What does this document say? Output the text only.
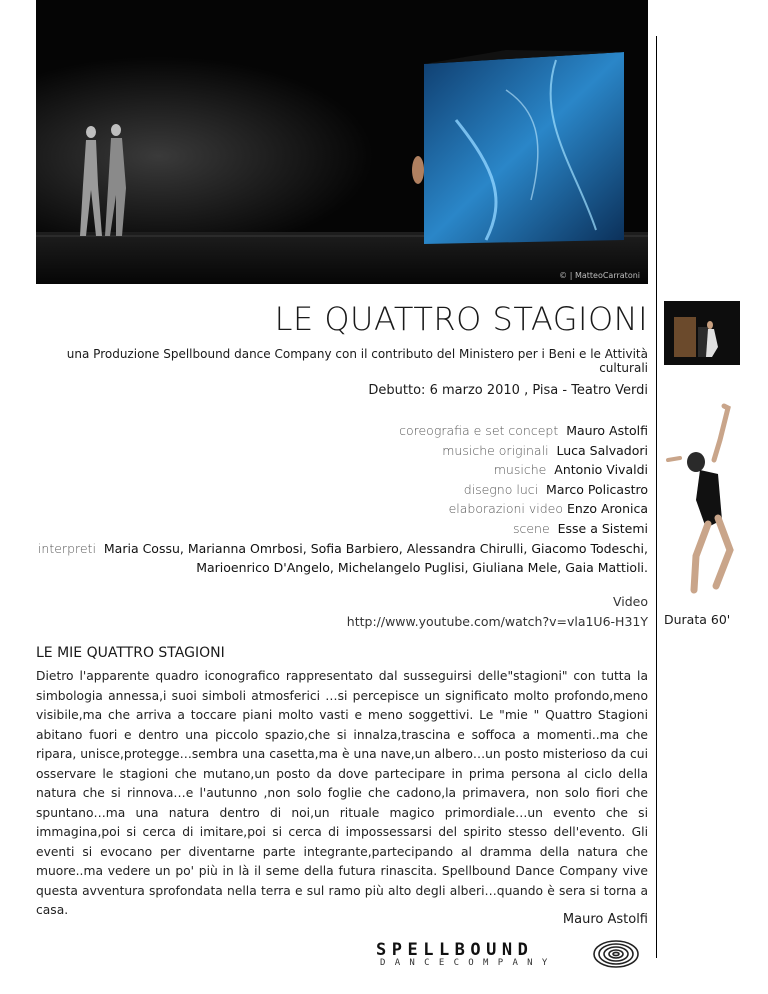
© | MatteoCarratoni
LE QUATTRO STAGIONI
una Produzione Spellbound dance Company con il contributo del Ministero per i Beni e le Attività culturali
Debutto: 6 marzo 2010 , Pisa - Teatro Verdi
coreografia e set concept Mauro Astolfi
musiche originali Luca Salvadori
musiche Antonio Vivaldi
disegno luci Marco Policastro
elaborazioni video Enzo Aronica
scene Esse a Sistemi
interpreti Maria Cossu, Marianna Omrbosi, Sofia Barbiero, Alessandra Chirulli, Giacomo Todeschi,
Marioenrico D'Angelo, Michelangelo Puglisi, Giuliana Mele, Gaia Mattioli.
Video
http://www.youtube.com/watch?v=vla1U6-H31Y Durata 60'
LE MIE QUATTRO STAGIONI
Dietro l'apparente quadro iconografico rappresentato dal susseguirsi delle"stagioni" con tutta la simbologia annessa,i suoi simboli atmosferici …si percepisce un significato molto profondo,meno visibile,ma che arriva a toccare piani molto vasti e meno soggettivi. Le "mie " Quattro Stagioni abitano fuori e dentro una piccolo spazio,che si innalza,trascina e soffoca a momenti..ma che ripara, unisce,protegge…sembra una casetta,ma è una nave,un albero…un posto misterioso da cui osservare le stagioni che mutano,un posto da dove partecipare in prima persona al ciclo della natura che si rinnova…e l'autunno ,non solo foglie che cadono,la primavera, non solo fiori che spuntano…ma una natura dentro di noi,un rituale magico primordiale…un evento che si immagina,poi si cerca di imitare,poi si cerca di impossessarsi del spirito stesso dell'evento. Gli eventi si evocano per diventarne parte integrante,partecipando al dramma della natura che muore..ma vedere un po' più in là il seme della futura rinascita. Spellbound Dance Company vive questa avventura sprofondata nella terra e sul ramo più alto degli alberi…quando è sera si torna a casa.
Mauro Astolfi
SPELLBOUND
DANCECOMPANY
